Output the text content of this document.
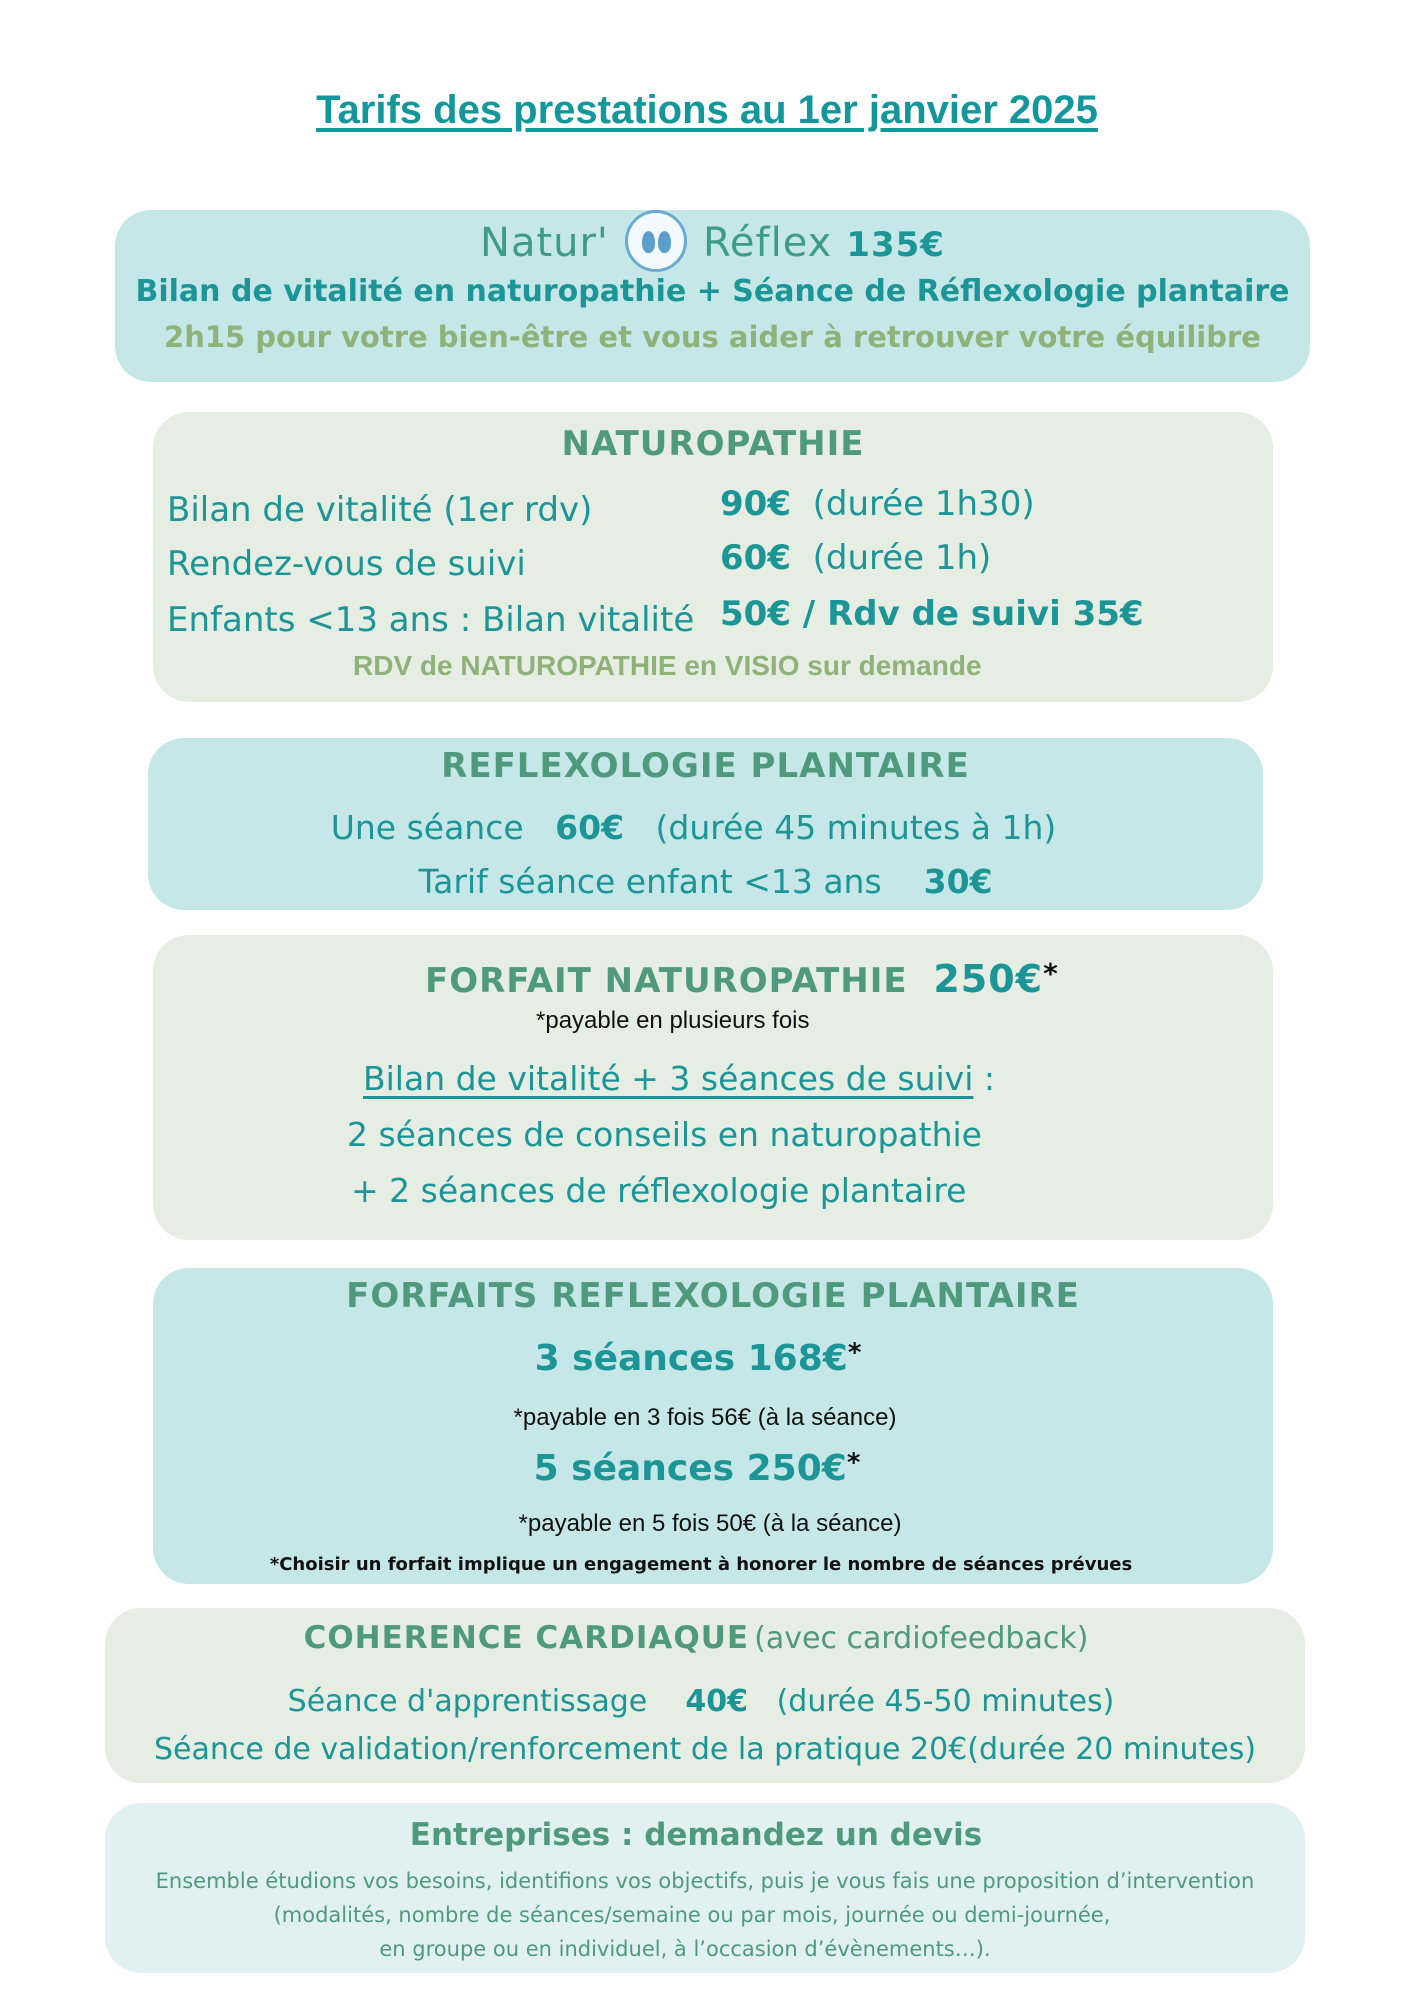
Tarifs des prestations au 1er janvier 2025
Natur' Réflex 135€
Bilan de vitalité en naturopathie + Séance de Réflexologie plantaire
2h15 pour votre bien-être et vous aider à retrouver votre équilibre
NATUROPATHIE
Bilan de vitalité (1er rdv)	90€ (durée 1h30)
Rendez-vous de suivi	60€ (durée 1h)
Enfants <13 ans : Bilan vitalité 50€ / Rdv de suivi 35€
RDV de NATUROPATHIE en VISIO sur demande
REFLEXOLOGIE PLANTAIRE
Une séance 60€ (durée 45 minutes à 1h)
Tarif séance enfant <13 ans 30€
FORFAIT NATUROPATHIE 250€*
*payable en plusieurs fois
Bilan de vitalité + 3 séances de suivi :
2 séances de conseils en naturopathie
+ 2 séances de réflexologie plantaire
FORFAITS REFLEXOLOGIE PLANTAIRE
3 séances 168€*
*payable en 3 fois 56€ (à la séance)
5 séances 250€*
*payable en 5 fois 50€ (à la séance)
*Choisir un forfait implique un engagement à honorer le nombre de séances prévues
COHERENCE CARDIAQUE (avec cardiofeedback)
Séance d'apprentissage 40€ (durée 45-50 minutes)
Séance de validation/renforcement de la pratique 20€(durée 20 minutes)
Entreprises : demandez un devis
Ensemble étudions vos besoins, identifions vos objectifs, puis je vous fais une proposition d’intervention
(modalités, nombre de séances/semaine ou par mois, journée ou demi-journée,
en groupe ou en individuel, à l’occasion d’évènements…).
